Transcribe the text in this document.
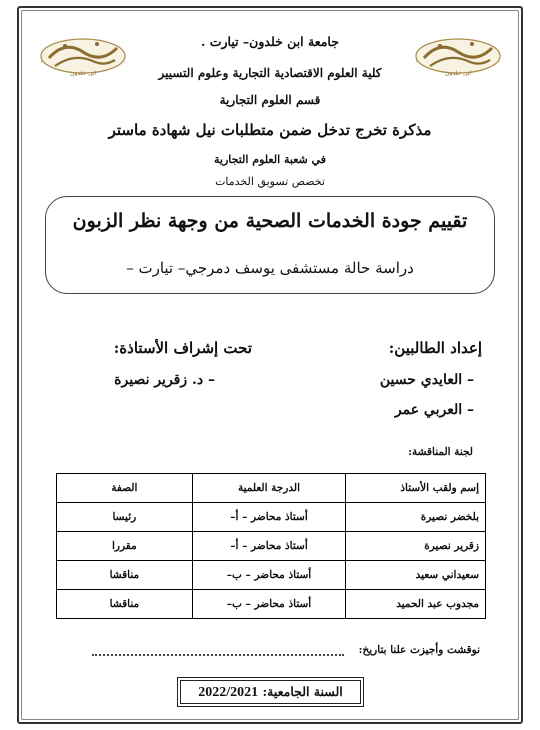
ابن خلدون	ابن خلدون
جامعة ابن خلدون– تيارت .
كلية العلوم الاقتصادية التجارية وعلوم التسيير
قسم العلوم التجارية
مذكرة تخرج تدخل ضمن متطلبات نيل شهادة ماستر
في شعبة العلوم التجارية
تخصص تسويق الخدمات
تقييم جودة الخدمات الصحية من وجهة نظر الزبون
دراسة حالة مستشفى يوسف دمرجي– تيارت –
إعداد الطالبين:
تحت إشراف الأستاذة:
– العايدي حسين
– العربي عمر
– د. زقرير نصيرة
لجنة المناقشة:
إسم ولقب الأستاذ	الدرجة العلمية	الصفة
بلخضر نصيرة	أستاذ محاضر – أ–	رئيسا
زقرير نصيرة	أستاذ محاضر – أ–	مقررا
سعيداني سعيد	أستاذ محاضر – ب–	مناقشا
مجدوب عبد الحميد	أستاذ محاضر – ب–	مناقشا
نوقشت وأجيزت علنا بتاريخ:
السنة الجامعية: 2022/2021
